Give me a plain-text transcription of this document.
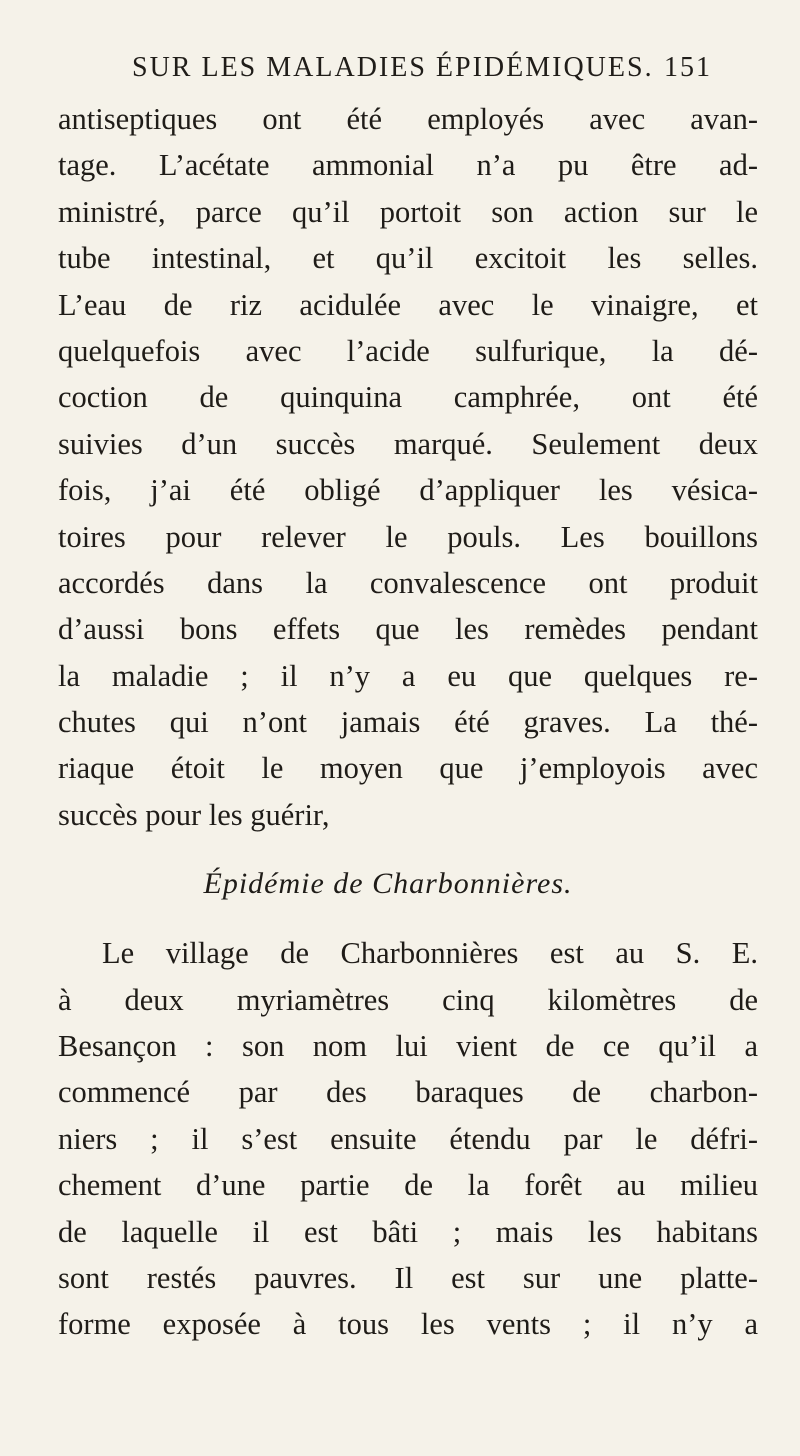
SUR LES MALADIES ÉPIDÉMIQUES. 151
antiseptiques ont été employés avec avan-
tage. L’acétate ammonial n’a pu être ad-
ministré, parce qu’il portoit son action sur le
tube intestinal, et qu’il excitoit les selles.
L’eau de riz acidulée avec le vinaigre, et
quelquefois avec l’acide sulfurique, la dé-
coction de quinquina camphrée, ont été
suivies d’un succès marqué. Seulement deux
fois, j’ai été obligé d’appliquer les vésica-
toires pour relever le pouls. Les bouillons
accordés dans la convalescence ont produit
d’aussi bons effets que les remèdes pendant
la maladie ; il n’y a eu que quelques re-
chutes qui n’ont jamais été graves. La thé-
riaque étoit le moyen que j’employois avec
succès pour les guérir,
Épidémie de Charbonnières.
Le village de Charbonnières est au S. E.
à deux myriamètres cinq kilomètres de
Besançon : son nom lui vient de ce qu’il a
commencé par des baraques de charbon-
niers ; il s’est ensuite étendu par le défri-
chement d’une partie de la forêt au milieu
de laquelle il est bâti ; mais les habitans
sont restés pauvres. Il est sur une platte-
forme exposée à tous les vents ; il n’y a
